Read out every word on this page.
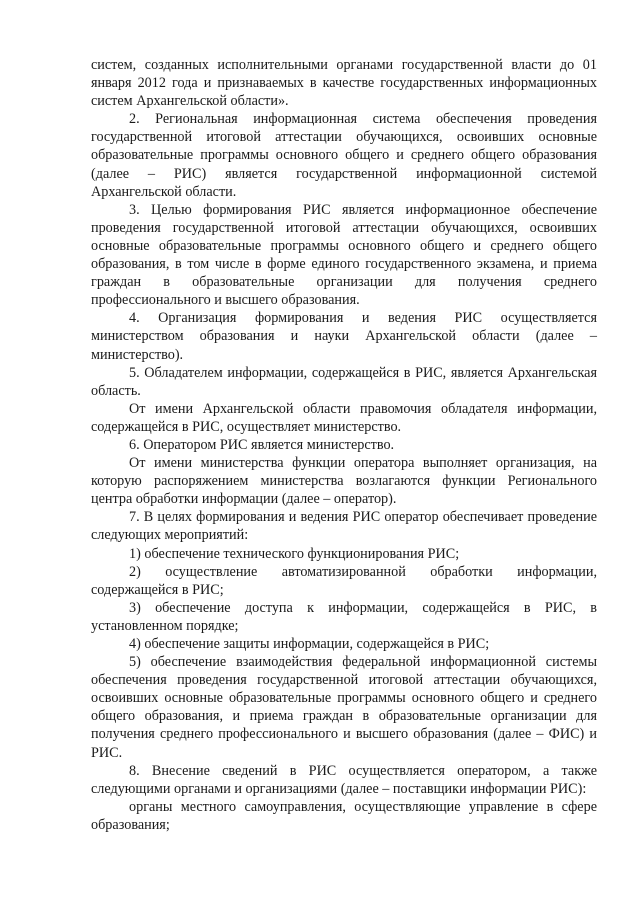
систем, созданных исполнительными органами государственной власти до 01 января 2012 года и признаваемых в качестве государственных информационных систем Архангельской области».

2. Региональная информационная система обеспечения проведения государственной итоговой аттестации обучающихся, освоивших основные образовательные программы основного общего и среднего общего образования (далее – РИС) является государственной информационной системой Архангельской области.

3. Целью формирования РИС является информационное обеспечение проведения государственной итоговой аттестации обучающихся, освоивших основные образовательные программы основного общего и среднего общего образования, в том числе в форме единого государственного экзамена, и приема граждан в образовательные организации для получения среднего профессионального и высшего образования.

4. Организация формирования и ведения РИС осуществляется министерством образования и науки Архангельской области (далее – министерство).

5. Обладателем информации, содержащейся в РИС, является Архангельская область.

От имени Архангельской области правомочия обладателя информации, содержащейся в РИС, осуществляет министерство.

6. Оператором РИС является министерство.

От имени министерства функции оператора выполняет организация, на которую распоряжением министерства возлагаются функции Регионального центра обработки информации (далее – оператор).

7. В целях формирования и ведения РИС оператор обеспечивает проведение следующих мероприятий:

1) обеспечение технического функционирования РИС;

2) осуществление автоматизированной обработки информации, содержащейся в РИС;

3) обеспечение доступа к информации, содержащейся в РИС, в установленном порядке;

4) обеспечение защиты информации, содержащейся в РИС;

5) обеспечение взаимодействия федеральной информационной системы обеспечения проведения государственной итоговой аттестации обучающихся, освоивших основные образовательные программы основного общего и среднего общего образования, и приема граждан в образовательные организации для получения среднего профессионального и высшего образования (далее – ФИС) и РИС.

8. Внесение сведений в РИС осуществляется оператором, а также следующими органами и организациями (далее – поставщики информации РИС):

органы местного самоуправления, осуществляющие управление в сфере образования;
